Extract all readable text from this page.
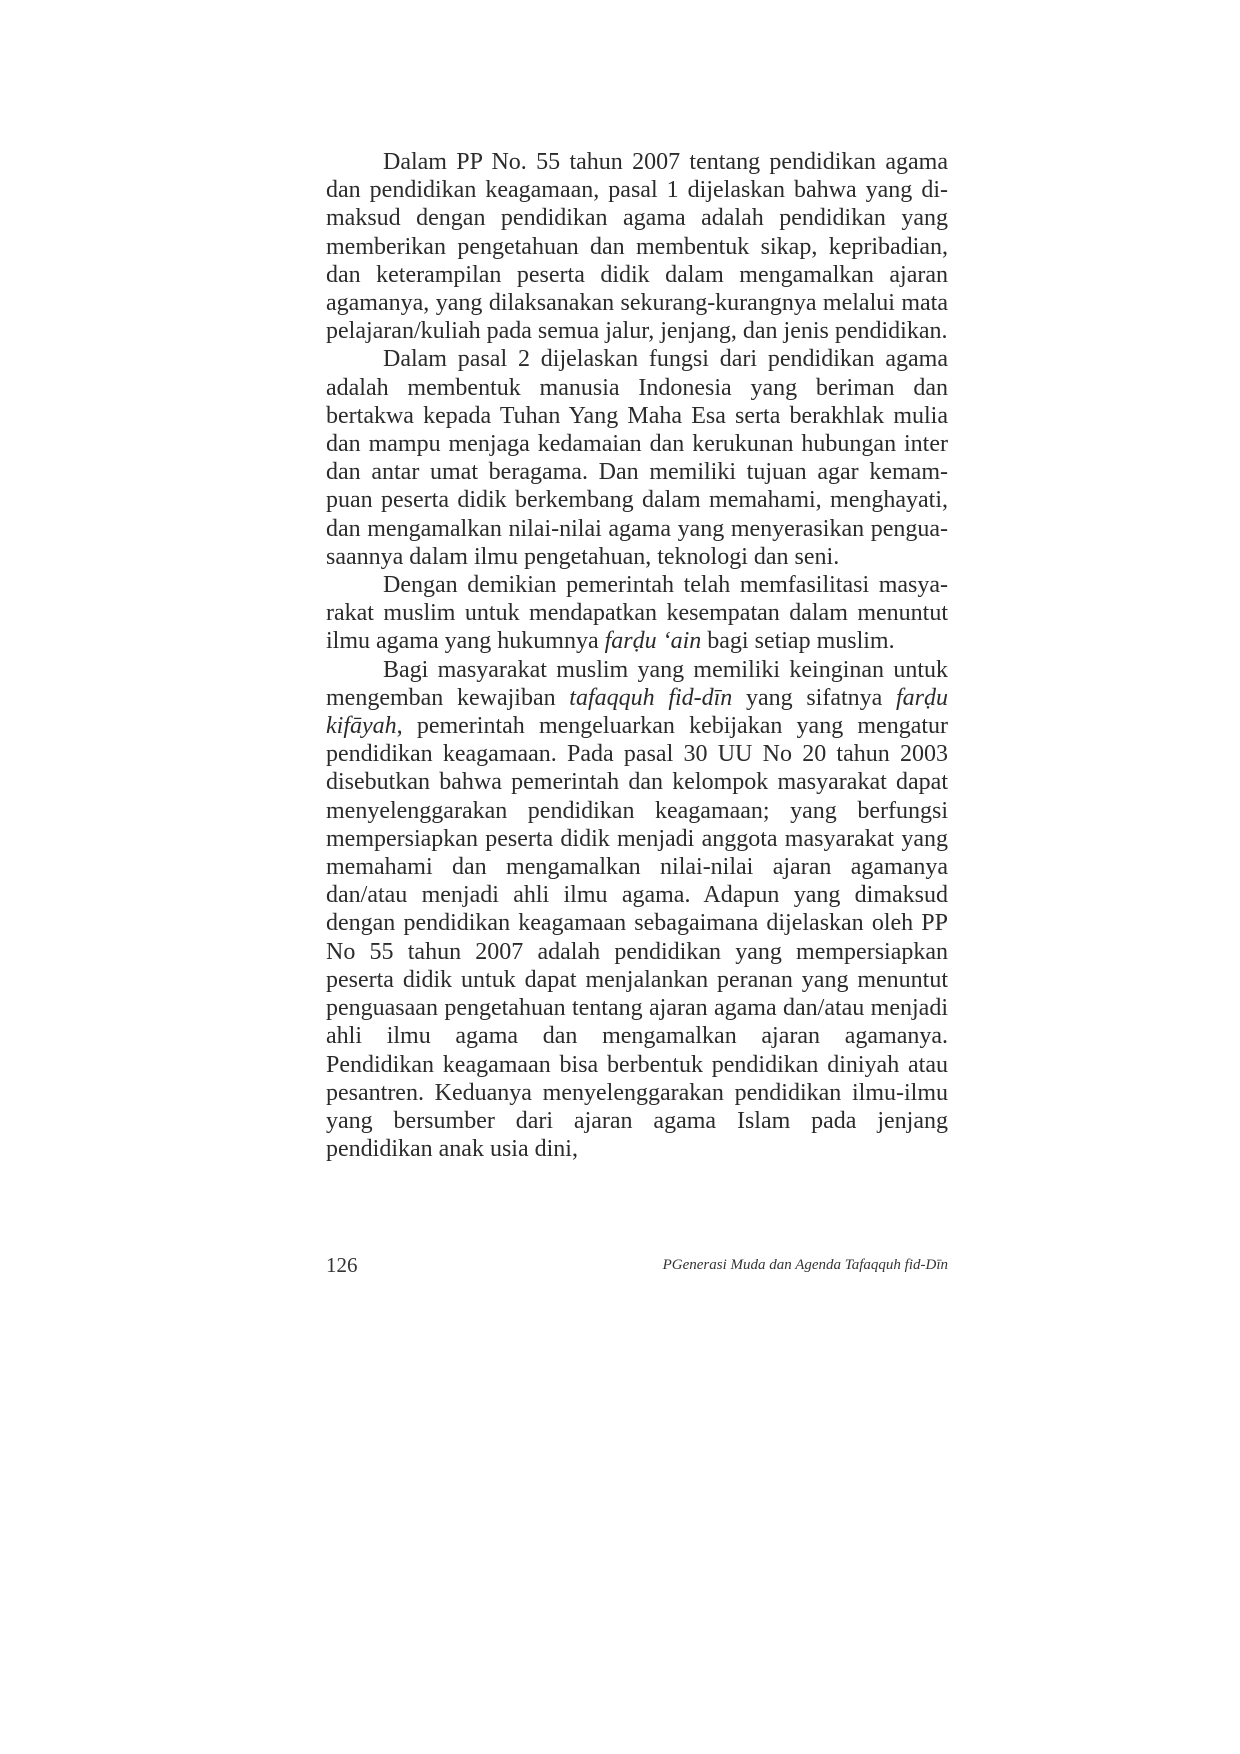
Dalam PP No. 55 tahun 2007 tentang pendidikan agama dan pendidikan keagamaan, pasal 1 dijelaskan bahwa yang dimaksud dengan pendidikan agama adalah pendidikan yang memberikan pengetahuan dan membentuk sikap, kepribadian, dan keterampilan peserta didik dalam mengamalkan ajaran agamanya, yang dilaksanakan sekurang-kurangnya melalui mata pelajaran/kuliah pada semua jalur, jenjang, dan jenis pendidikan.

Dalam pasal 2 dijelaskan fungsi dari pendidikan agama adalah membentuk manusia Indonesia yang beriman dan bertakwa kepada Tuhan Yang Maha Esa serta berakhlak mulia dan mampu menjaga kedamaian dan kerukunan hubungan inter dan antar umat beragama. Dan memiliki tujuan agar kemampuan peserta didik berkembang dalam memahami, menghayati, dan mengamalkan nilai-nilai agama yang menyerasikan penguasaannya dalam ilmu pengetahuan, teknologi dan seni.

Dengan demikian pemerintah telah memfasilitasi masyarakat muslim untuk mendapatkan kesempatan dalam menuntut ilmu agama yang hukumnya farḍu ‘ain bagi setiap muslim.

Bagi masyarakat muslim yang memiliki keinginan untuk mengemban kewajiban tafaqquh fid-dīn yang sifatnya farḍu kifāyah, pemerintah mengeluarkan kebijakan yang mengatur pendidikan keagamaan. Pada pasal 30 UU No 20 tahun 2003 disebutkan bahwa pemerintah dan kelompok masyarakat dapat menyelenggarakan pendidikan keagamaan; yang berfungsi mempersiapkan peserta didik menjadi anggota masyarakat yang memahami dan mengamalkan nilai-nilai ajaran agamanya dan/atau menjadi ahli ilmu agama. Adapun yang dimaksud dengan pendidikan keagamaan sebagaimana dijelaskan oleh PP No 55 tahun 2007 adalah pendidikan yang mempersiapkan peserta didik untuk dapat menjalankan peranan yang menuntut penguasaan pengetahuan tentang ajaran agama dan/atau menjadi ahli ilmu agama dan mengamalkan ajaran agamanya. Pendidikan keagamaan bisa berbentuk pendidikan diniyah atau pesantren. Keduanya menyelenggarakan pendidikan ilmu-ilmu yang bersumber dari ajaran agama Islam pada jenjang pendidikan anak usia dini,

126	PGenerasi Muda dan Agenda Tafaqquh fid-Dīn
